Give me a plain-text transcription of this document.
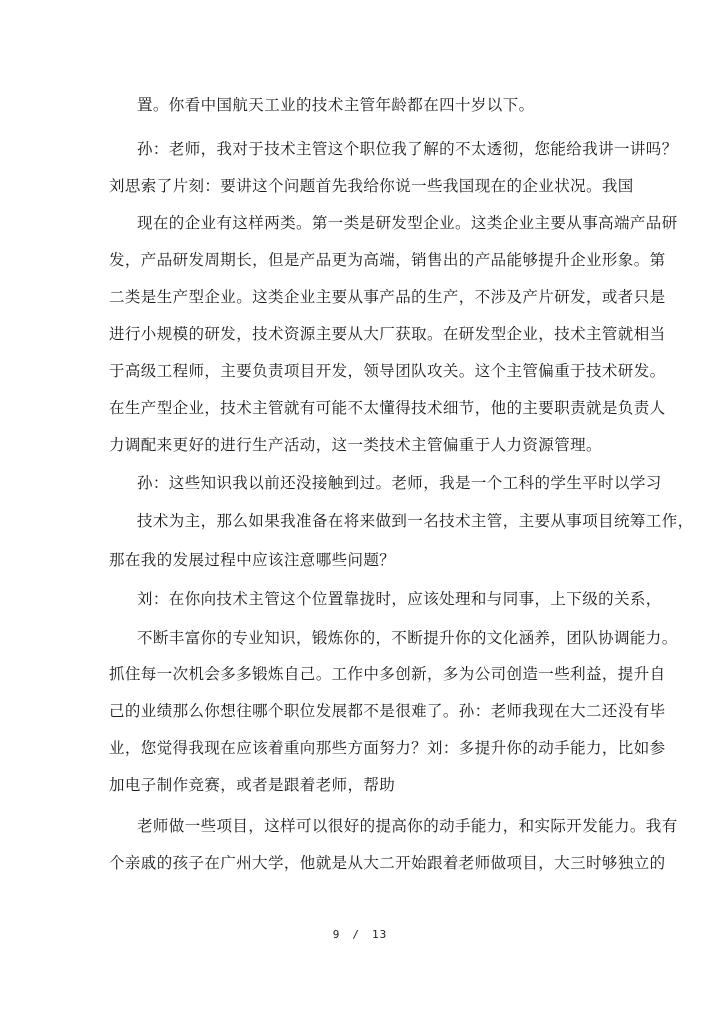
置。你看中国航天工业的技术主管年龄都在四十岁以下。
孙：老师，我对于技术主管这个职位我了解的不太透彻，您能给我讲一讲吗？
刘思索了片刻：要讲这个问题首先我给你说一些我国现在的企业状况。我国
现在的企业有这样两类。第一类是研发型企业。这类企业主要从事高端产品研
发，产品研发周期长，但是产品更为高端，销售出的产品能够提升企业形象。第
二类是生产型企业。这类企业主要从事产品的生产，不涉及产片研发，或者只是
进行小规模的研发，技术资源主要从大厂获取。在研发型企业，技术主管就相当
于高级工程师，主要负责项目开发，领导团队攻关。这个主管偏重于技术研发。
在生产型企业，技术主管就有可能不太懂得技术细节，他的主要职责就是负责人
力调配来更好的进行生产活动，这一类技术主管偏重于人力资源管理。
孙：这些知识我以前还没接触到过。老师，我是一个工科的学生平时以学习
技术为主，那么如果我准备在将来做到一名技术主管，主要从事项目统筹工作，
那在我的发展过程中应该注意哪些问题？
刘：在你向技术主管这个位置靠拢时，应该处理和与同事，上下级的关系，
不断丰富你的专业知识，锻炼你的，不断提升你的文化涵养，团队协调能力。
抓住每一次机会多多锻炼自己。工作中多创新，多为公司创造一些利益，提升自
己的业绩那么你想往哪个职位发展都不是很难了。孙：老师我现在大二还没有毕
业，您觉得我现在应该着重向那些方面努力？刘：多提升你的动手能力，比如参
加电子制作竞赛，或者是跟着老师，帮助
老师做一些项目，这样可以很好的提高你的动手能力，和实际开发能力。我有
个亲戚的孩子在广州大学，他就是从大二开始跟着老师做项目，大三时够独立的
9 / 13
